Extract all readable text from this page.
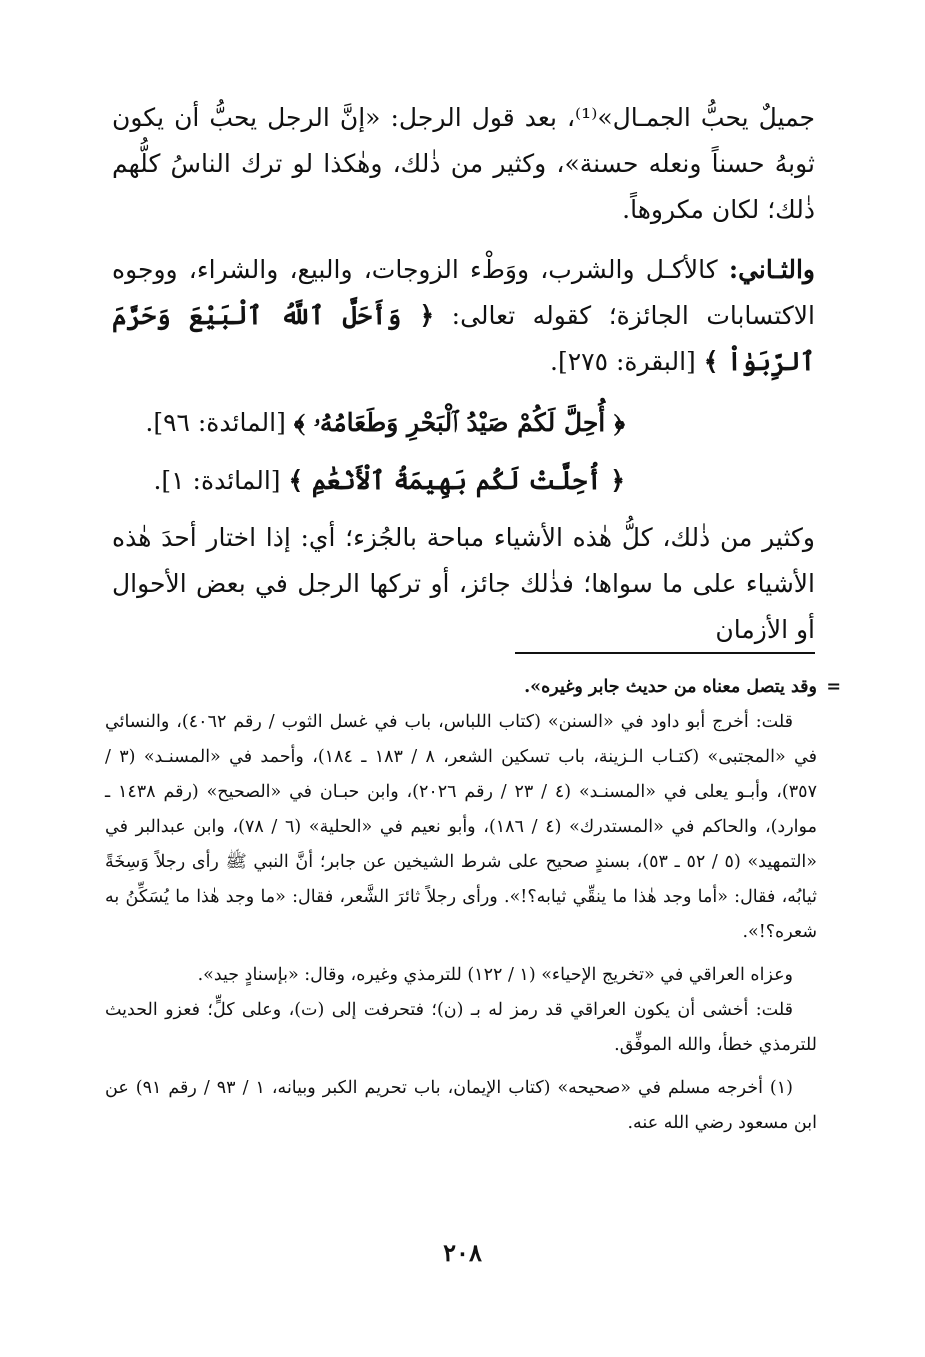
جميلٌ يحبُّ الجمـال»⁽¹⁾، بعد قول الرجل: «إنَّ الرجل يحبُّ أن يكون ثوبهُ حسناً ونعله حسنة»، وكثير من ذٰلك، وهٰكذا لو ترك الناسُ كلُّهم ذٰلك؛ لكان مكروهاً.

والثـاني: كالأكـل والشرب، ووَطْء الزوجات، والبيع، والشراء، ووجوه الاكتسابات الجائزة؛ كقوله تعالى: ﴿ وَأَحَلَّ ٱللَّهُ ٱلْبَيْعَ وَحَرَّمَ ٱلرِّبَوٰاْ ﴾ [البقرة: ٢٧٥].

﴿ أُحِلَّ لَكُمْ صَيْدُ ٱلْبَحْرِ وَطَعَامُهُۥ ﴾ [المائدة: ٩٦].

﴿ أُحِلَّتْ لَكُم بَهِيمَةُ ٱلْأَنْعَٰمِ ﴾ [المائدة: ١].

وكثير من ذٰلك، كلُّ هٰذه الأشياء مباحة بالجُزء؛ أي: إذا اختار أحدَ هٰذه الأشياء على ما سواها؛ فذٰلك جائز، أو تركها الرجل في بعض الأحوال أو الأزمان

=
وقد يتصل معناه من حديث جابر وغيره».

قلت: أخرج أبو داود في «السنن» (كتاب اللباس، باب في غسل الثوب / رقم ٤٠٦٢)، والنسائي في «المجتبى» (كتـاب الـزينة، باب تسكين الشعر، ٨ / ١٨٣ ـ ١٨٤)، وأحمد في «المسنـد» (٣ / ٣٥٧)، وأبـو يعلى في «المسنـد» (٤ / ٢٣ / رقم ٢٠٢٦)، وابن حبـان في «الصحيح» (رقم ١٤٣٨ ـ موارد)، والحاكم في «المستدرك» (٤ / ١٨٦)، وأبو نعيم في «الحلية» (٦ / ٧٨)، وابن عبدالبر في «التمهيد» (٥ / ٥٢ ـ ٥٣)، بسندٍ صحيح على شرط الشيخين عن جابر؛ أنَّ النبي ﷺ رأى رجلاً وَسِخَةً ثيابُه، فقال: «أما وجد هٰذا ما ينقِّي ثيابه؟!». ورأى رجلاً ثائرَ الشَّعر، فقال: «ما وجد هٰذا ما يُسَكِّنُ به شعره؟!».

وعزاه العراقي في «تخريج الإحياء» (١ / ١٢٢) للترمذي وغيره، وقال: «بإسنادٍ جيد».

قلت: أخشى أن يكون العراقي قد رمز له بـ (ن)؛ فتحرفت إلى (ت)، وعلى كلٍّ؛ فعزو الحديث للترمذي خطأ، والله الموفِّق.

(١) أخرجه مسلم في «صحيحه» (كتاب الإيمان، باب تحريم الكبر وبيانه، ١ / ٩٣ / رقم ٩١) عن ابن مسعود رضي الله عنه.

٢٠٨
